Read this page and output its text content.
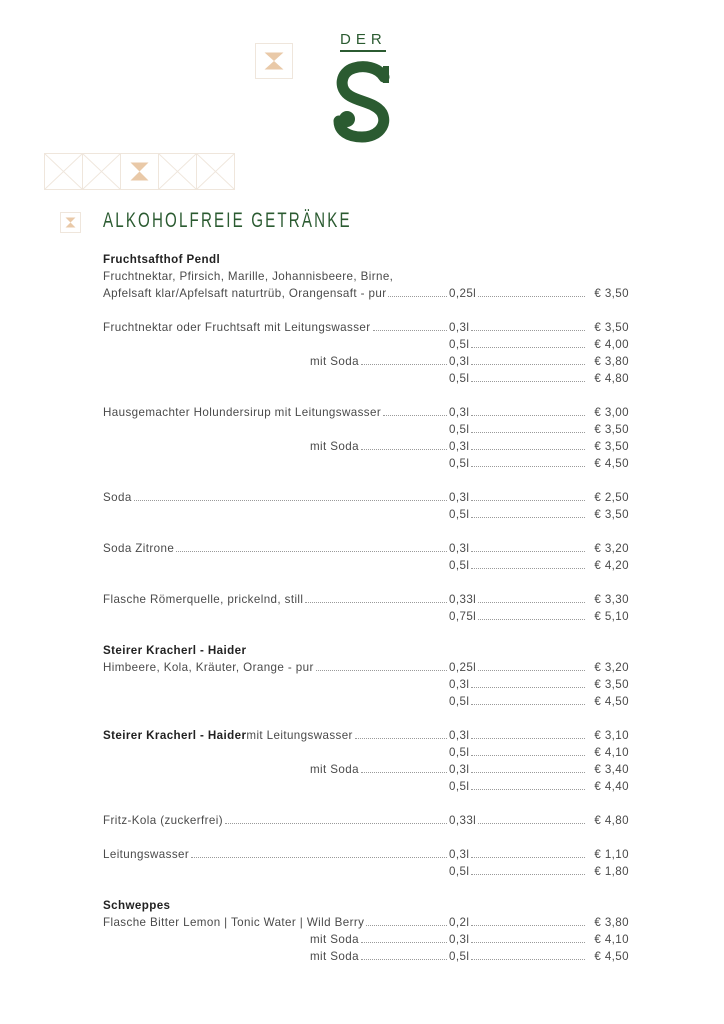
DER
ALKOHOLFREIE GETRÄNKE
Fruchtsafthof Pendl
Fruchtnektar, Pfirsich, Marille, Johannisbeere, Birne,
Apfelsaft klar/Apfelsaft naturtrüb, Orangensaft - pur	0,25l	€ 3,50
Fruchtnektar oder Fruchtsaft mit Leitungswasser	0,3l	€ 3,50
0,5l	€ 4,00
mit Soda	0,3l	€ 3,80
0,5l	€ 4,80
Hausgemachter Holundersirup mit Leitungswasser	0,3l	€ 3,00
0,5l	€ 3,50
mit Soda	0,3l	€ 3,50
0,5l	€ 4,50
Soda	0,3l	€ 2,50
0,5l	€ 3,50
Soda Zitrone	0,3l	€ 3,20
0,5l	€ 4,20
Flasche Römerquelle, prickelnd, still	0,33l	€ 3,30
0,75l	€ 5,10
Steirer Kracherl - Haider
Himbeere, Kola, Kräuter, Orange - pur	0,25l	€ 3,20
0,3l	€ 3,50
0,5l	€ 4,50
Steirer Kracherl - Haider mit Leitungswasser	0,3l	€ 3,10
0,5l	€ 4,10
mit Soda	0,3l	€ 3,40
0,5l	€ 4,40
Fritz-Kola (zuckerfrei)	0,33l	€ 4,80
Leitungswasser	0,3l	€ 1,10
0,5l	€ 1,80
Schweppes
Flasche Bitter Lemon | Tonic Water | Wild Berry	0,2l	€ 3,80
mit Soda	0,3l	€ 4,10
mit Soda	0,5l	€ 4,50
